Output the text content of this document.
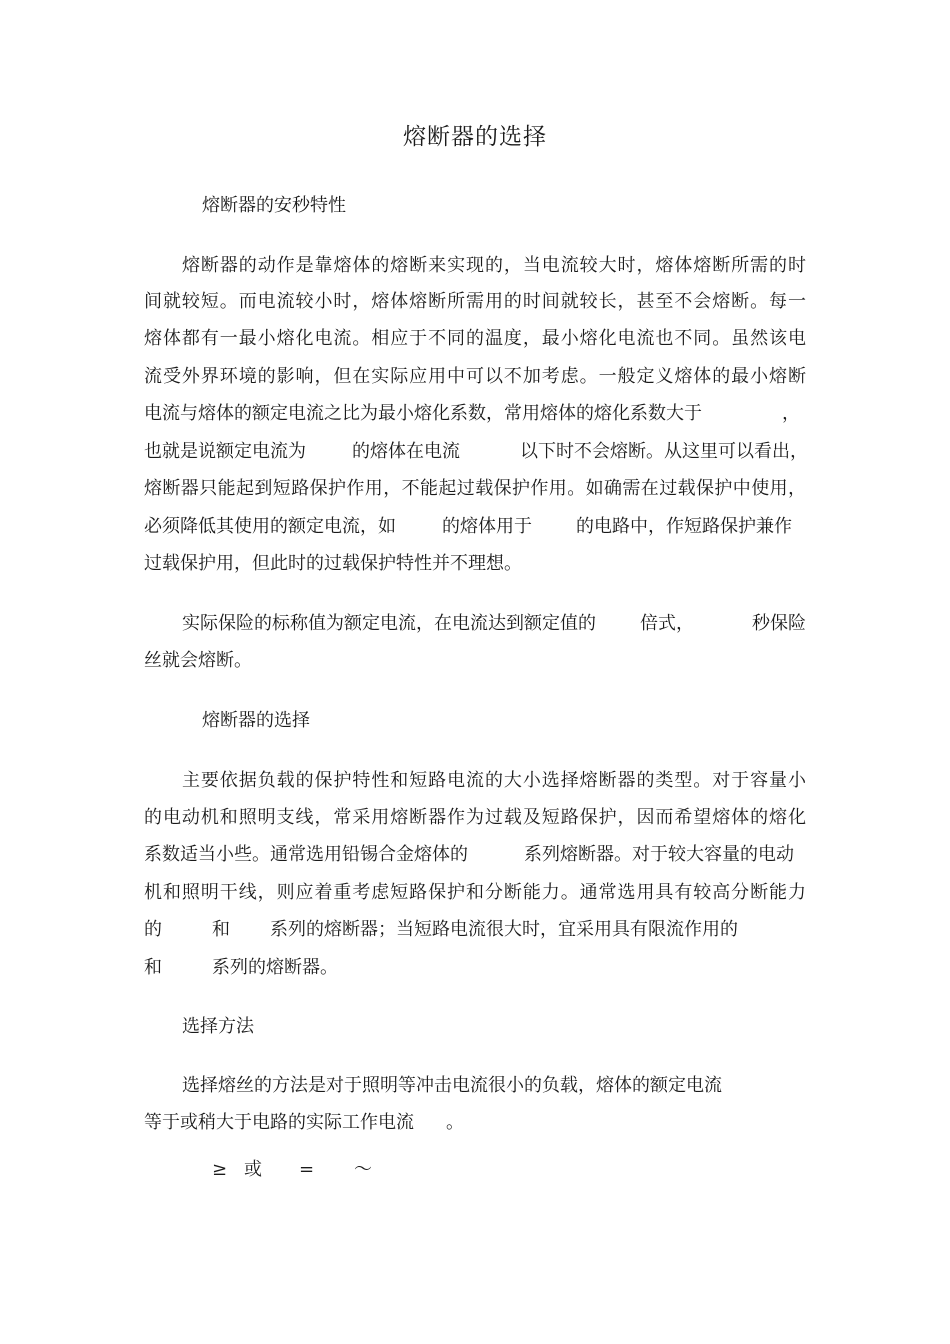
熔断器的选择
熔断器的安秒特性
熔断器的动作是靠熔体的熔断来实现的，当电流较大时，熔体熔断所需的时
间就较短。而电流较小时，熔体熔断所需用的时间就较长，甚至不会熔断。每一
熔体都有一最小熔化电流。相应于不同的温度，最小熔化电流也不同。虽然该电
流受外界环境的影响，但在实际应用中可以不加考虑。一般定义熔体的最小熔断
电流与熔体的额定电流之比为最小熔化系数，常用熔体的熔化系数大于	，
也就是说额定电流为	的熔体在电流	以下时不会熔断。从这里可以看出，
熔断器只能起到短路保护作用，不能起过载保护作用。如确需在过载保护中使用，
必须降低其使用的额定电流，如	的熔体用于 的电路中，作短路保护兼作
过载保护用，但此时的过载保护特性并不理想。
实际保险的标称值为额定电流，在电流达到额定值的 倍式，	秒保险
丝就会熔断。
熔断器的选择
主要依据负载的保护特性和短路电流的大小选择熔断器的类型。对于容量小
的电动机和照明支线，常采用熔断器作为过载及短路保护，因而希望熔体的熔化
系数适当小些。通常选用铅锡合金熔体的	系列熔断器。对于较大容量的电动
机和照明干线，则应着重考虑短路保护和分断能力。通常选用具有较高分断能力
的	和 系列的熔断器；当短路电流很大时，宜采用具有限流作用的
和	系列的熔断器。
选择方法
选择熔丝的方法是对于照明等冲击电流很小的负载，熔体的额定电流
等于或稍大于电路的实际工作电流 。
≥ 或 = ～
